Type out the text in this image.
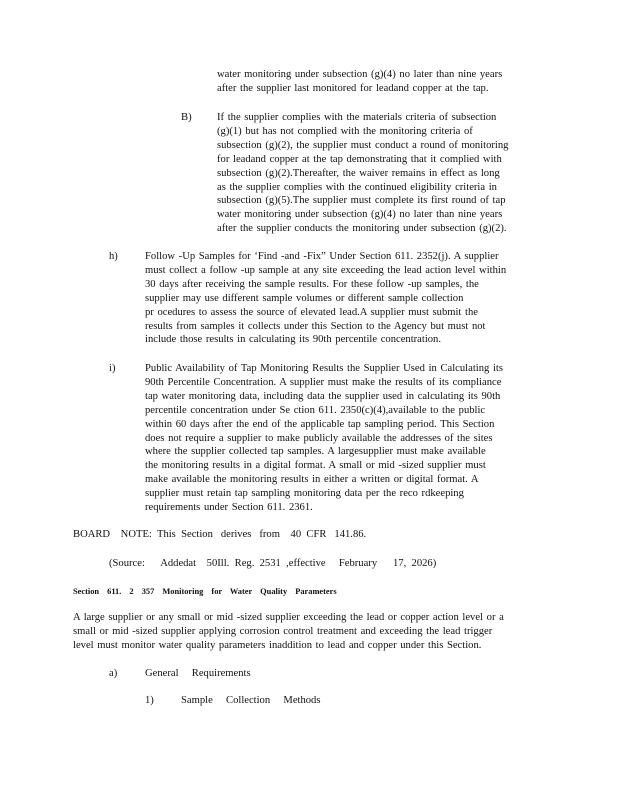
water monitoring under subsection (g)(4) no later than nine years
after the supplier last monitored for leadand copper at the tap.
B) If the supplier complies with the materials criteria of subsection
(g)(1) but has not complied with the monitoring criteria of
subsection (g)(2), the supplier must conduct a round of monitoring
for leadand copper at the tap demonstrating that it complied with
subsection (g)(2).Thereafter, the waiver remains in effect as long
as the supplier complies with the continued eligibility criteria in
subsection (g)(5).The supplier must complete its first round of tap
water monitoring under subsection (g)(4) no later than nine years
after the supplier conducts the monitoring under subsection (g)(2).
h)	Follow -Up Samples for ‘Find -and -Fix” Under Section 611. 2352(j). A supplier
must collect a follow -up sample at any site exceeding the lead action level within
30 days after receiving the sample results. For these follow -up samples, the
supplier may use different sample volumes or different sample collection
pr ocedures to assess the source of elevated lead.A supplier must submit the
results from samples it collects under this Section to the Agency but must not
include those results in calculating its 90th percentile concentration.
i)	Public Availability of Tap Monitoring Results the Supplier Used in Calculating its
90th Percentile Concentration. A supplier must make the results of its compliance
tap water monitoring data, including data the supplier used in calculating its 90th
percentile concentration under Se ction 611. 2350(c)(4),available to the public
within 60 days after the end of the applicable tap sampling period. This Section
does not require a supplier to make publicly available the addresses of the sites
where the supplier collected tap samples. A largesupplier must make available
the monitoring results in a digital format. A small or mid -sized supplier must
make available the monitoring results in either a written or digital format. A
supplier must retain tap sampling monitoring data per the reco rdkeeping
requirements under Section 611. 2361.
BOARD    NOTE:  This  Section   derives   from    40  CFR   141.86.
(Source:      Addedat    50Ill.  Reg.  2531  ,effective     February      17,  2026)
Section 611. 2 357 Monitoring for Water Quality Parameters
A large supplier or any small or mid -sized supplier exceeding the lead or copper action level or a
small or mid -sized supplier applying corrosion control treatment and exceeding the lead trigger
level must monitor water quality parameters inaddition to lead and copper under this Section.
a)	General     Requirements
1)	Sample     Collection     Methods
